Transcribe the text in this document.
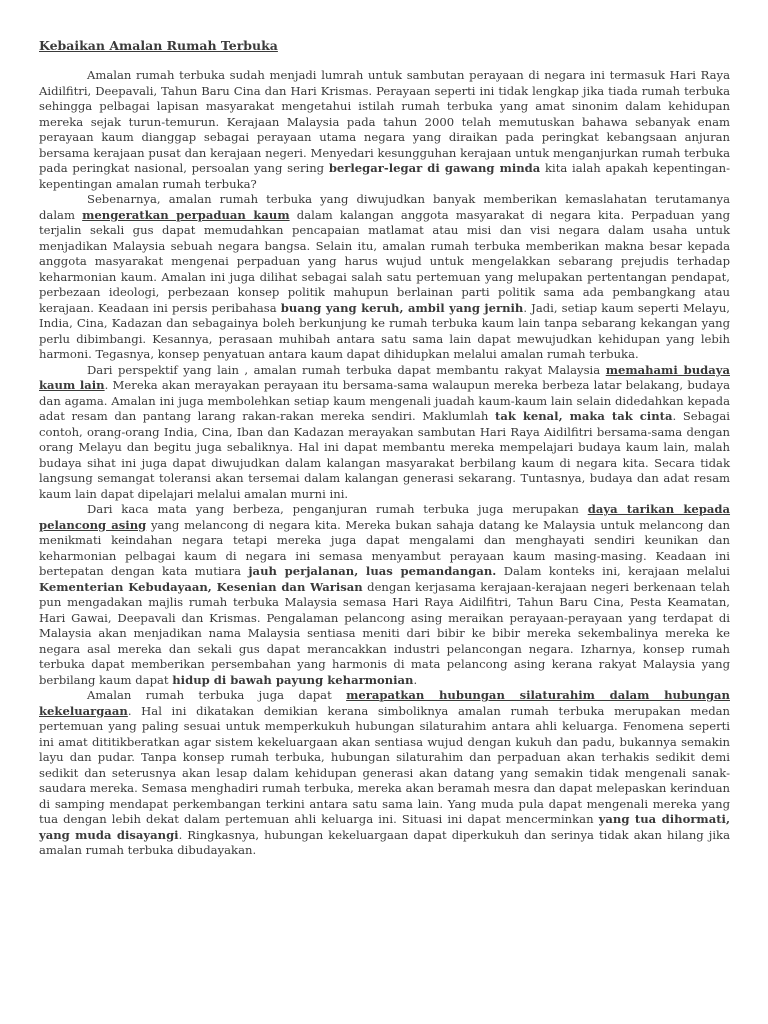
Kebaikan Amalan Rumah Terbuka

Amalan rumah terbuka sudah menjadi lumrah untuk sambutan perayaan di negara ini termasuk Hari Raya Aidilfitri, Deepavali, Tahun Baru Cina dan Hari Krismas. Perayaan seperti ini tidak lengkap jika tiada rumah terbuka sehingga pelbagai lapisan masyarakat mengetahui istilah rumah terbuka yang amat sinonim dalam kehidupan mereka sejak turun-temurun. Kerajaan Malaysia pada tahun 2000 telah memutuskan bahawa sebanyak enam perayaan kaum dianggap sebagai perayaan utama negara yang diraikan pada peringkat kebangsaan anjuran bersama kerajaan pusat dan kerajaan negeri. Menyedari kesungguhan kerajaan untuk menganjurkan rumah terbuka pada peringkat nasional, persoalan yang sering berlegar-legar di gawang minda kita ialah apakah kepentingan-kepentingan amalan rumah terbuka?

Sebenarnya, amalan rumah terbuka yang diwujudkan banyak memberikan kemaslahatan terutamanya dalam mengeratkan perpaduan kaum dalam kalangan anggota masyarakat di negara kita. Perpaduan yang terjalin sekali gus dapat memudahkan pencapaian matlamat atau misi dan visi negara dalam usaha untuk menjadikan Malaysia sebuah negara bangsa. Selain itu, amalan rumah terbuka memberikan makna besar kepada anggota masyarakat mengenai perpaduan yang harus wujud untuk mengelakkan sebarang prejudis terhadap keharmonian kaum. Amalan ini juga dilihat sebagai salah satu pertemuan yang melupakan pertentangan pendapat, perbezaan ideologi, perbezaan konsep politik mahupun berlainan parti politik sama ada pembangkang atau kerajaan. Keadaan ini persis peribahasa buang yang keruh, ambil yang jernih. Jadi, setiap kaum seperti Melayu, India, Cina, Kadazan dan sebagainya boleh berkunjung ke rumah terbuka kaum lain tanpa sebarang kekangan yang perlu dibimbangi. Kesannya, perasaan muhibah antara satu sama lain dapat mewujudkan kehidupan yang lebih harmoni. Tegasnya, konsep penyatuan antara kaum dapat dihidupkan melalui amalan rumah terbuka.

Dari perspektif yang lain , amalan rumah terbuka dapat membantu rakyat Malaysia memahami budaya kaum lain. Mereka akan merayakan perayaan itu bersama-sama walaupun mereka berbeza latar belakang, budaya dan agama. Amalan ini juga membolehkan setiap kaum mengenali juadah kaum-kaum lain selain didedahkan kepada adat resam dan pantang larang rakan-rakan mereka sendiri. Maklumlah tak kenal, maka tak cinta. Sebagai contoh, orang-orang India, Cina, Iban dan Kadazan merayakan sambutan Hari Raya Aidilfitri bersama-sama dengan orang Melayu dan begitu juga sebaliknya. Hal ini dapat membantu mereka mempelajari budaya kaum lain, malah budaya sihat ini juga dapat diwujudkan dalam kalangan masyarakat berbilang kaum di negara kita. Secara tidak langsung semangat toleransi akan tersemai dalam kalangan generasi sekarang. Tuntasnya, budaya dan adat resam kaum lain dapat dipelajari melalui amalan murni ini.

Dari kaca mata yang berbeza, penganjuran rumah terbuka juga merupakan daya tarikan kepada pelancong asing yang melancong di negara kita. Mereka bukan sahaja datang ke Malaysia untuk melancong dan menikmati keindahan negara tetapi mereka juga dapat mengalami dan menghayati sendiri keunikan dan keharmonian pelbagai kaum di negara ini semasa menyambut perayaan kaum masing-masing. Keadaan ini bertepatan dengan kata mutiara jauh perjalanan, luas pemandangan. Dalam konteks ini, kerajaan melalui Kementerian Kebudayaan, Kesenian dan Warisan dengan kerjasama kerajaan-kerajaan negeri berkenaan telah pun mengadakan majlis rumah terbuka Malaysia semasa Hari Raya Aidilfitri, Tahun Baru Cina, Pesta Keamatan, Hari Gawai, Deepavali dan Krismas. Pengalaman pelancong asing meraikan perayaan-perayaan yang terdapat di Malaysia akan menjadikan nama Malaysia sentiasa meniti dari bibir ke bibir mereka sekembalinya mereka ke negara asal mereka dan sekali gus dapat merancakkan industri pelancongan negara. Izharnya, konsep rumah terbuka dapat memberikan persembahan yang harmonis di mata pelancong asing kerana rakyat Malaysia yang berbilang kaum dapat hidup di bawah payung keharmonian.

Amalan rumah terbuka juga dapat merapatkan hubungan silaturahim dalam hubungan kekeluargaan. Hal ini dikatakan demikian kerana simboliknya amalan rumah terbuka merupakan medan pertemuan yang paling sesuai untuk memperkukuh hubungan silaturahim antara ahli keluarga. Fenomena seperti ini amat dititikberatkan agar sistem kekeluargaan akan sentiasa wujud dengan kukuh dan padu, bukannya semakin layu dan pudar. Tanpa konsep rumah terbuka, hubungan silaturahim dan perpaduan akan terhakis sedikit demi sedikit dan seterusnya akan lesap dalam kehidupan generasi akan datang yang semakin tidak mengenali sanak-saudara mereka. Semasa menghadiri rumah terbuka, mereka akan beramah mesra dan dapat melepaskan kerinduan di samping mendapat perkembangan terkini antara satu sama lain. Yang muda pula dapat mengenali mereka yang tua dengan lebih dekat dalam pertemuan ahli keluarga ini. Situasi ini dapat mencerminkan yang tua dihormati, yang muda disayangi. Ringkasnya, hubungan kekeluargaan dapat diperkukuh dan serinya tidak akan hilang jika amalan rumah terbuka dibudayakan.
